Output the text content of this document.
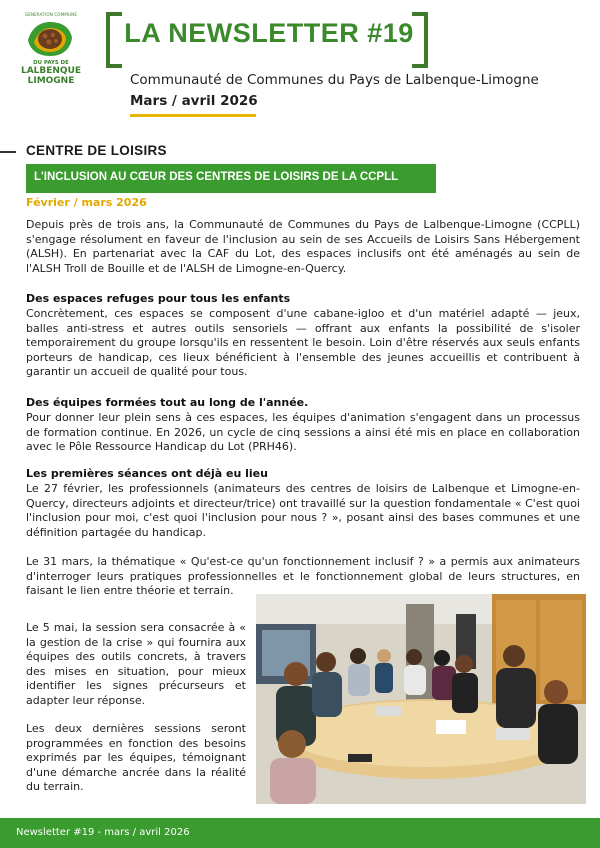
GENERATION COMMUNE
DU PAYS DE
LALBENQUE
LIMOGNE
LA NEWSLETTER #19
Communauté de Communes du Pays de Lalbenque-Limogne
Mars / avril 2026
CENTRE DE LOISIRS
L'INCLUSION AU CŒUR DES CENTRES DE LOISIRS DE LA CCPLL
Février / mars 2026

Depuis près de trois ans, la Communauté de Communes du Pays de Lalbenque-Limogne (CCPLL) s'engage résolument en faveur de l'inclusion au sein de ses Accueils de Loisirs Sans Hébergement (ALSH). En partenariat avec la CAF du Lot, des espaces inclusifs ont été aménagés au sein de l'ALSH Troll de Bouille et de l'ALSH de Limogne-en-Quercy.

Des espaces refuges pour tous les enfants

Concrètement, ces espaces se composent d'une cabane-igloo et d'un matériel adapté — jeux, balles anti-stress et autres outils sensoriels — offrant aux enfants la possibilité de s'isoler temporairement du groupe lorsqu'ils en ressentent le besoin. Loin d'être réservés aux seuls enfants porteurs de handicap, ces lieux bénéficient à l'ensemble des jeunes accueillis et contribuent à garantir un accueil de qualité pour tous.

Des équipes formées tout au long de l'année.

Pour donner leur plein sens à ces espaces, les équipes d'animation s'engagent dans un processus de formation continue. En 2026, un cycle de cinq sessions a ainsi été mis en place en collaboration avec le Pôle Ressource Handicap du Lot (PRH46).

Les premières séances ont déjà eu lieu

Le 27 février, les professionnels (animateurs des centres de loisirs de Lalbenque et Limogne-en-Quercy, directeurs adjoints et directeur/trice) ont travaillé sur la question fondamentale « C'est quoi l'inclusion pour moi, c'est quoi l'inclusion pour nous ? », posant ainsi des bases communes et une définition partagée du handicap.

Le 31 mars, la thématique « Qu'est-ce qu'un fonctionnement inclusif ? » a permis aux animateurs d'interroger leurs pratiques professionnelles et le fonctionnement global de leurs structures, en faisant le lien entre théorie et terrain.

Le 5 mai, la session sera consacrée à « la gestion de la crise » qui fournira aux équipes des outils concrets, à travers des mises en situation, pour mieux identifier les signes précurseurs et adapter leur réponse.

Les deux dernières sessions seront programmées en fonction des besoins exprimés par les équipes, témoignant d'une démarche ancrée dans la réalité du terrain.

Newsletter #19 - mars / avril 2026
